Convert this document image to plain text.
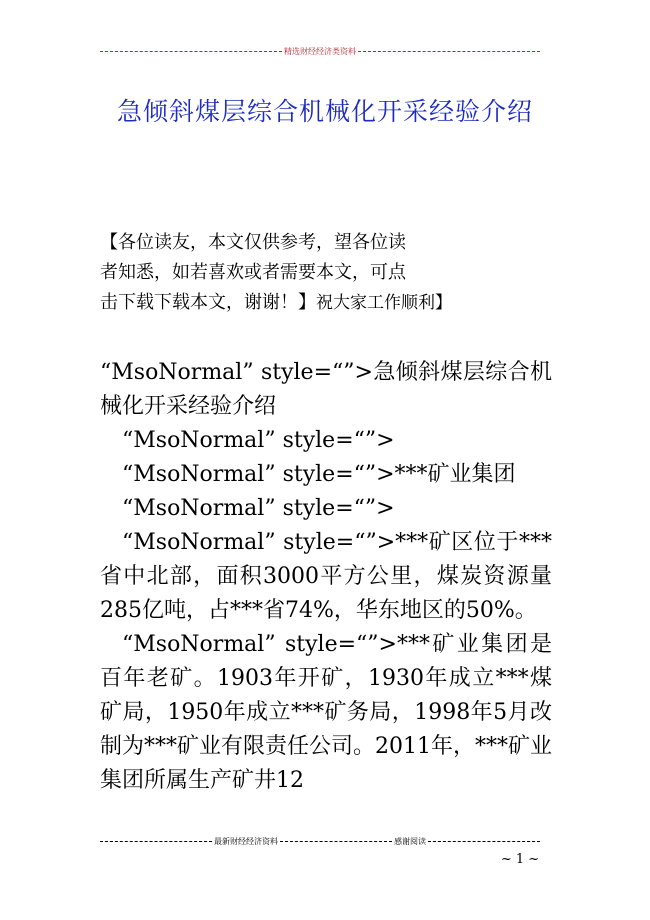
精选财经经济类资料
急倾斜煤层综合机械化开采经验介绍
【各位读友，本文仅供参考，望各位读
者知悉，如若喜欢或者需要本文，可点
击下载下载本文，谢谢！】祝大家工作顺利】

“MsoNormal” style=“”>急倾斜煤层综合机械化开采经验介绍

“MsoNormal” style=“”>

“MsoNormal” style=“”>***矿业集团

“MsoNormal” style=“”>

“MsoNormal” style=“”>***矿区位于***省中北部，面积3000平方公里，煤炭资源量285亿吨，占***省74%，华东地区的50%。

“MsoNormal” style=“”>***矿业集团是百年老矿。1903年开矿，1930年成立***煤矿局，1950年成立***矿务局，1998年5月改制为***矿业有限责任公司。2011年，***矿业集团所属生产矿井12

最新财经经济资料	感谢阅读
~ 1 ~
